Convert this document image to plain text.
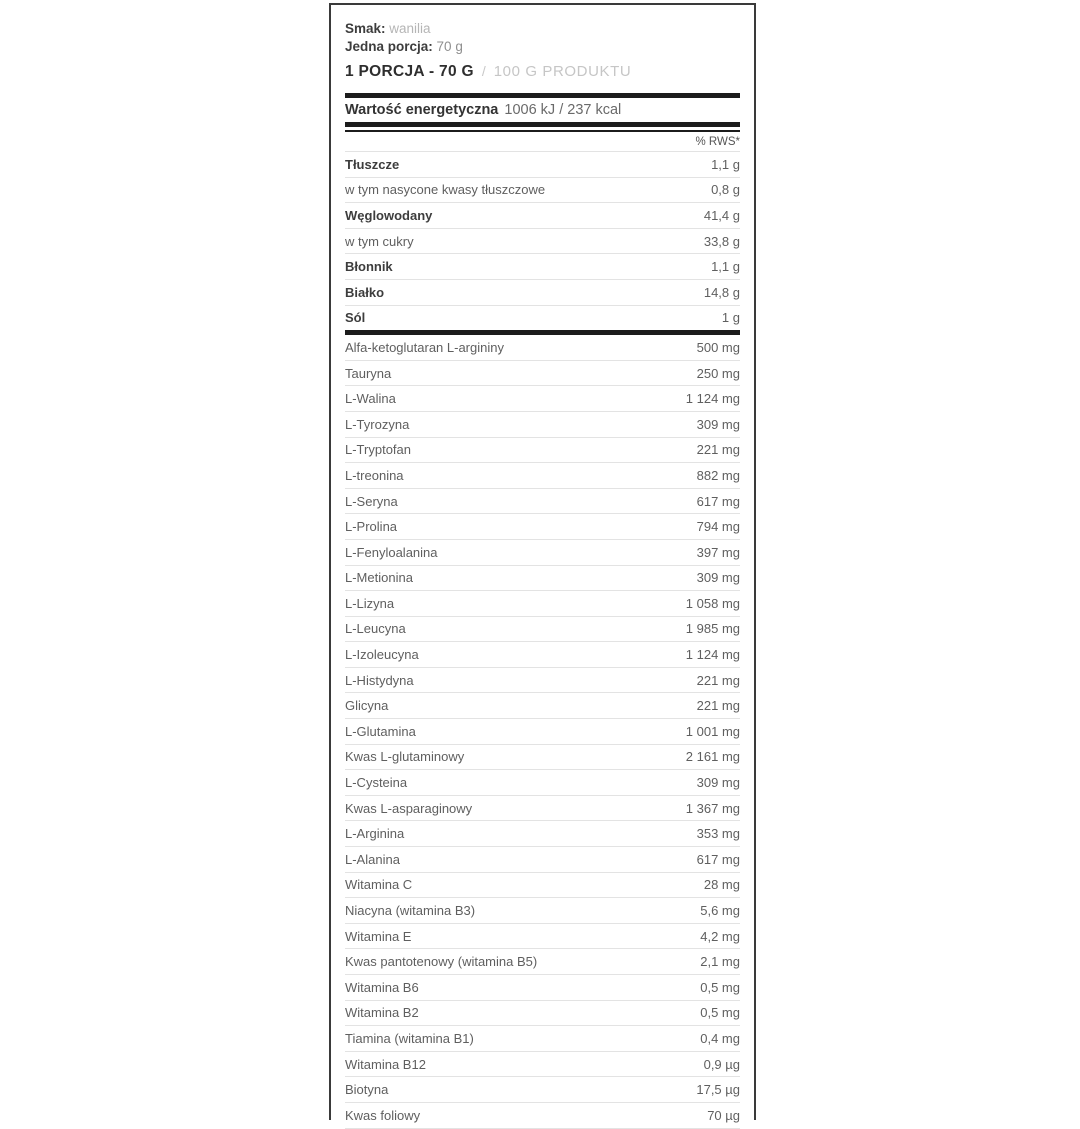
Smak: wanilia
Jedna porcja: 70 g
1 PORCJA - 70 G / 100 G PRODUKTU
Wartość energetyczna 1006 kJ / 237 kcal
% RWS*
Tłuszcze	1,1 g
w tym nasycone kwasy tłuszczowe	0,8 g
Węglowodany	41,4 g
w tym cukry	33,8 g
Błonnik	1,1 g
Białko	14,8 g
Sól	1 g
Alfa-ketoglutaran L-argininy	500 mg
Tauryna	250 mg
L-Walina	1 124 mg
L-Tyrozyna	309 mg
L-Tryptofan	221 mg
L-treonina	882 mg
L-Seryna	617 mg
L-Prolina	794 mg
L-Fenyloalanina	397 mg
L-Metionina	309 mg
L-Lizyna	1 058 mg
L-Leucyna	1 985 mg
L-Izoleucyna	1 124 mg
L-Histydyna	221 mg
Glicyna	221 mg
L-Glutamina	1 001 mg
Kwas L-glutaminowy	2 161 mg
L-Cysteina	309 mg
Kwas L-asparaginowy	1 367 mg
L-Arginina	353 mg
L-Alanina	617 mg
Witamina C	28 mg
Niacyna (witamina B3)	5,6 mg
Witamina E	4,2 mg
Kwas pantotenowy (witamina B5)	2,1 mg
Witamina B6	0,5 mg
Witamina B2	0,5 mg
Tiamina (witamina B1)	0,4 mg
Witamina B12	0,9 µg
Biotyna	17,5 µg
Kwas foliowy	70 µg
